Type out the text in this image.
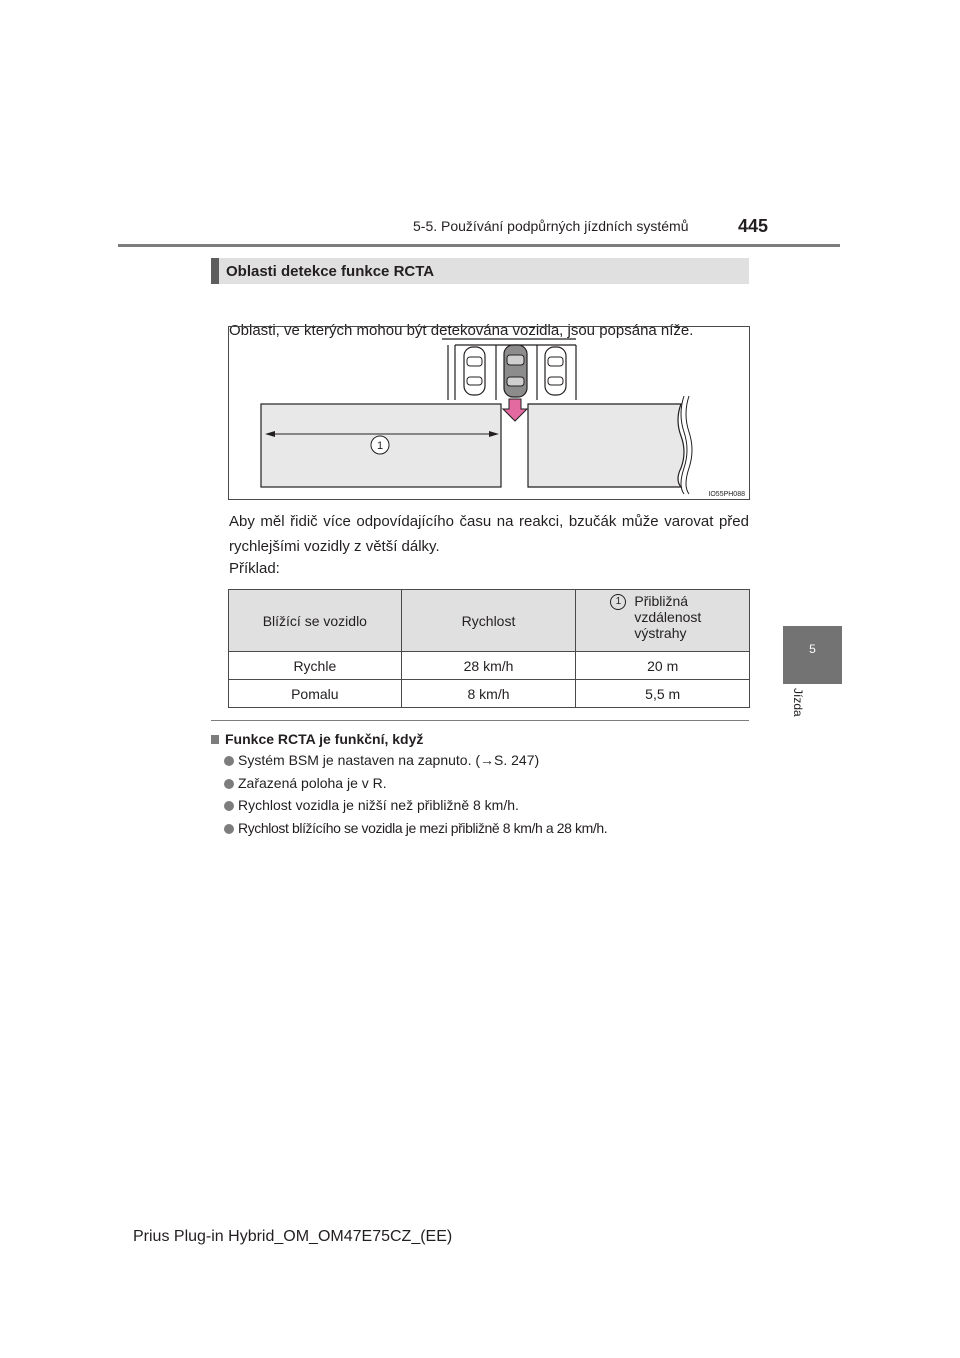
5-5. Používání podpůrných jízdních systémů	445
5
Jízda
Oblasti detekce funkce RCTA
Oblasti, ve kterých mohou být detekována vozidla, jsou popsána níže.
1
IO55PH088
Aby měl řidič více odpovídajícího času na reakci, bzučák může varovat před rychlejšími vozidly z větší dálky.
Příklad:
Blížící se vozidlo	Rychlost	1 Přibližná vzdálenost výstrahy

Rychle	28 km/h	20 m
Pomalu	8 km/h	5,5 m
Funkce RCTA je funkční, když
Systém BSM je nastaven na zapnuto. (→S. 247)
Zařazená poloha je v R.
Rychlost vozidla je nižší než přibližně 8 km/h.
Rychlost blížícího se vozidla je mezi přibližně 8 km/h a 28 km/h.
Prius Plug-in Hybrid_OM_OM47E75CZ_(EE)
